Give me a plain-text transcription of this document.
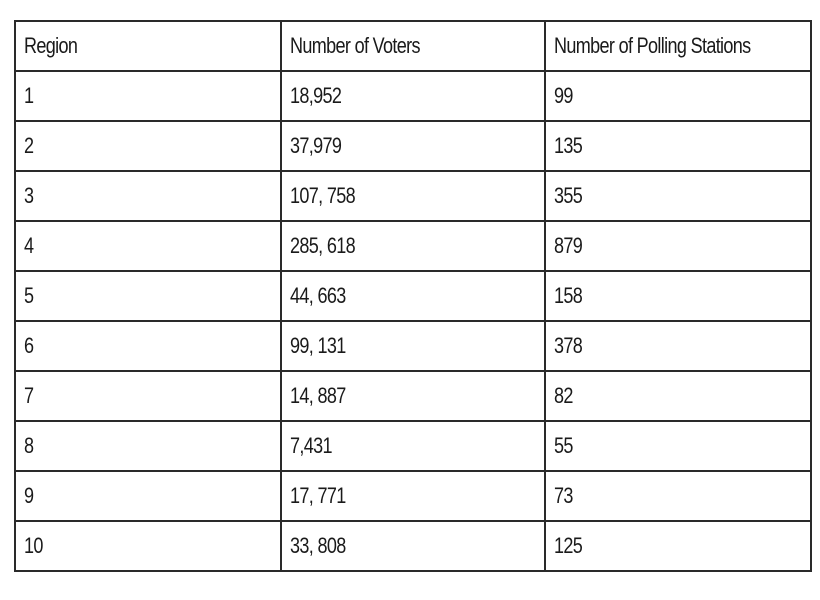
Region	Number of Voters	Number of Polling Stations
1	18,952	99
2	37,979	135
3	107, 758	355
4	285, 618	879
5	44, 663	158
6	99, 131	378
7	14, 887	82
8	7,431	55
9	17, 771	73
10	33, 808	125
